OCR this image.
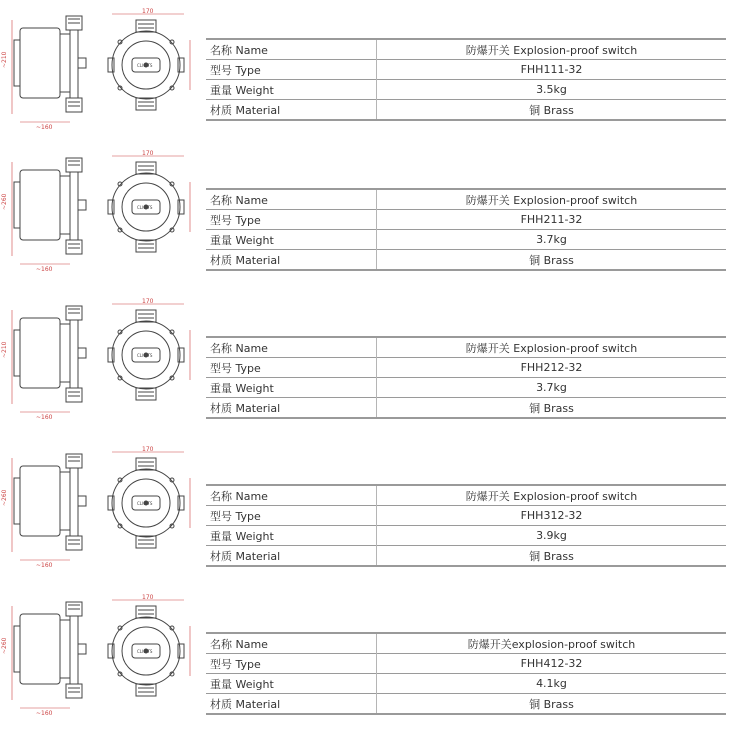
170
~210
~160
CLIGITS
名称 Name	防爆开关 Explosion-proof switch
型号 Type	FHH111-32
重量 Weight	3.5kg
材质 Material	铜 Brass
170
~260
~160
CLIGITS
名称 Name	防爆开关 Explosion-proof switch
型号 Type	FHH211-32
重量 Weight	3.7kg
材质 Material	铜 Brass
170
~210
~160
CLIGITS
名称 Name	防爆开关 Explosion-proof switch
型号 Type	FHH212-32
重量 Weight	3.7kg
材质 Material	铜 Brass
170
~260
~160
CLIGITS
名称 Name	防爆开关 Explosion-proof switch
型号 Type	FHH312-32
重量 Weight	3.9kg
材质 Material	铜 Brass
170
~260
~160
CLIGITS
名称 Name	防爆开关explosion-proof switch
型号 Type	FHH412-32
重量 Weight	4.1kg
材质 Material	铜 Brass
